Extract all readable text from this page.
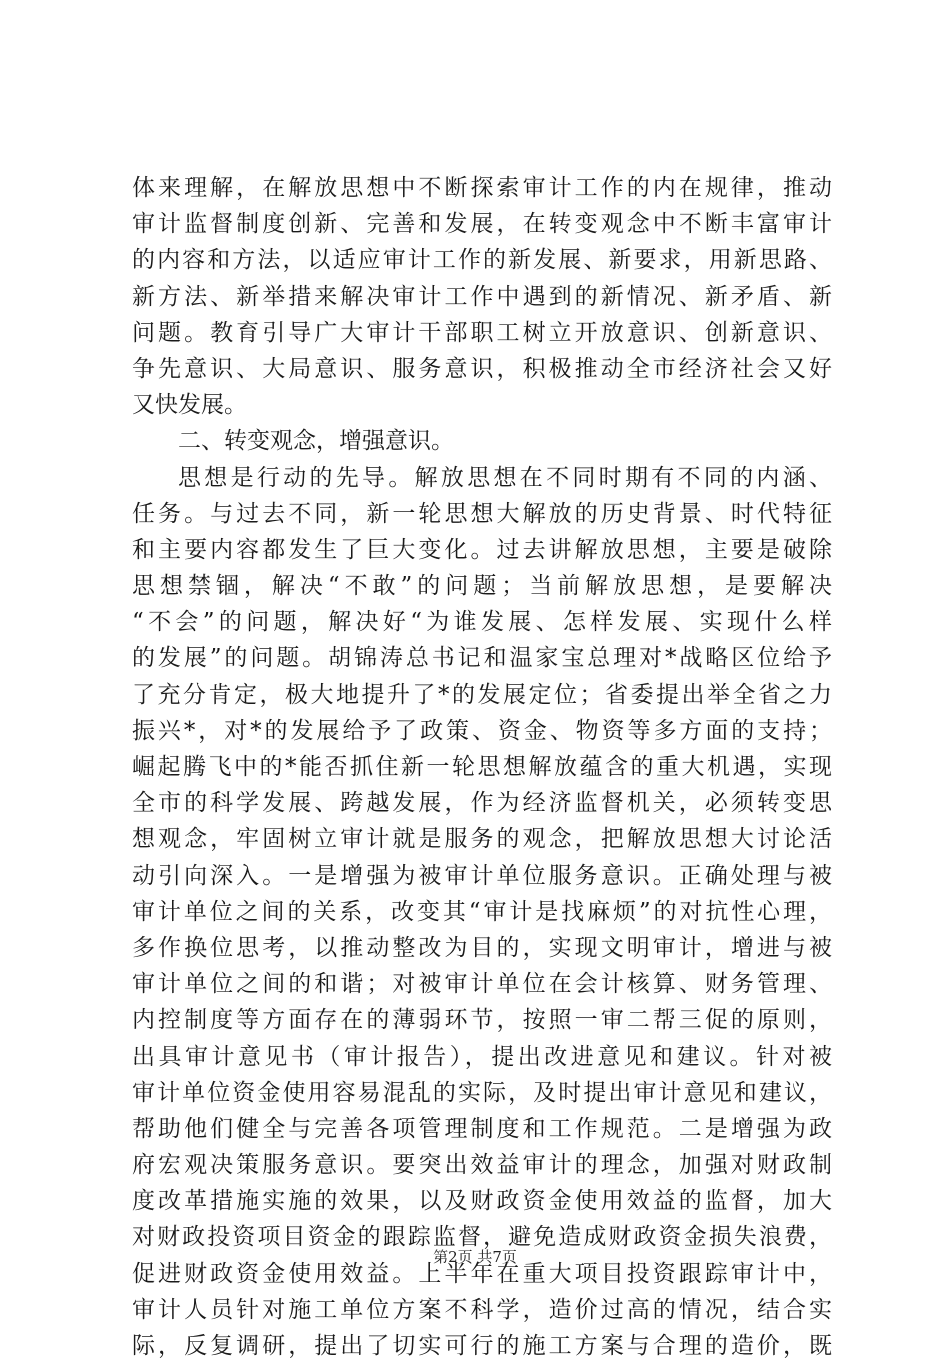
体来理解，在解放思想中不断探索审计工作的内在规律，推动
审计监督制度创新、完善和发展，在转变观念中不断丰富审计
的内容和方法，以适应审计工作的新发展、新要求，用新思路、
新方法、新举措来解决审计工作中遇到的新情况、新矛盾、新
问题。教育引导广大审计干部职工树立开放意识、创新意识、
争先意识、大局意识、服务意识，积极推动全市经济社会又好
又快发展。
二、转变观念，增强意识。
思想是行动的先导。解放思想在不同时期有不同的内涵、
任务。与过去不同，新一轮思想大解放的历史背景、时代特征
和主要内容都发生了巨大变化。过去讲解放思想，主要是破除
思想禁锢，解决“不敢”的问题；当前解放思想，是要解决
“不会”的问题，解决好“为谁发展、怎样发展、实现什么样
的发展”的问题。胡锦涛总书记和温家宝总理对*战略区位给予
了充分肯定，极大地提升了*的发展定位；省委提出举全省之力
振兴*，对*的发展给予了政策、资金、物资等多方面的支持；
崛起腾飞中的*能否抓住新一轮思想解放蕴含的重大机遇，实现
全市的科学发展、跨越发展，作为经济监督机关，必须转变思
想观念，牢固树立审计就是服务的观念，把解放思想大讨论活
动引向深入。一是增强为被审计单位服务意识。正确处理与被
审计单位之间的关系，改变其“审计是找麻烦”的对抗性心理，
多作换位思考，以推动整改为目的，实现文明审计，增进与被
审计单位之间的和谐；对被审计单位在会计核算、财务管理、
内控制度等方面存在的薄弱环节，按照一审二帮三促的原则，
出具审计意见书（审计报告），提出改进意见和建议。针对被
审计单位资金使用容易混乱的实际，及时提出审计意见和建议，
帮助他们健全与完善各项管理制度和工作规范。二是增强为政
府宏观决策服务意识。要突出效益审计的理念，加强对财政制
度改革措施实施的效果，以及财政资金使用效益的监督，加大
对财政投资项目资金的跟踪监督，避免造成财政资金损失浪费，
促进财政资金使用效益。上半年在重大项目投资跟踪审计中，
审计人员针对施工单位方案不科学，造价过高的情况，结合实
际，反复调研，提出了切实可行的施工方案与合理的造价，既
第2页 共7页
